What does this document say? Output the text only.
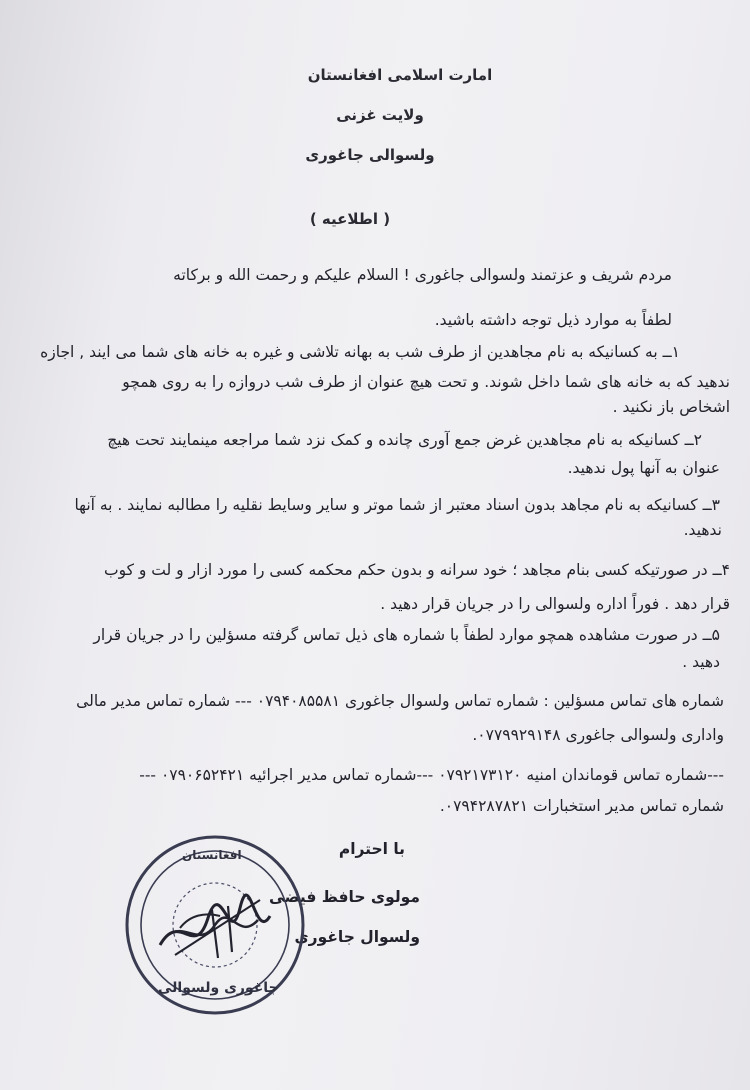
امارت اسلامی افغانستان
ولایت غزنی
ولسوالی جاغوری
( اطلاعیه )
مردم شریف و عزتمند ولسوالی جاغوری ! السلام علیکم و رحمت الله و برکاته
لطفاً به موارد ذیل توجه داشته باشید.
۱ــ به کسانیکه به نام مجاهدین از طرف شب به بهانه تلاشی و غیره به خانه های شما می ایند , اجازه
ندهید که به خانه های شما داخل شوند. و تحت هیچ عنوان از طرف شب دروازه را به روی همچو
اشخاص باز نکنید .
۲ــ کسانیکه به نام مجاهدین غرض جمع آوری چانده و کمک نزد شما مراجعه مینمایند تحت هیچ
عنوان به آنها پول ندهید.
۳ــ کسانیکه به نام مجاهد بدون اسناد معتبر از شما موتر و سایر وسایط نقلیه را مطالبه نمایند . به آنها
ندهید.
۴ــ در صورتیکه کسی بنام مجاهد ؛ خود سرانه و بدون حکم محکمه کسی را مورد ازار و لت و کوب
قرار دهد . فوراً اداره ولسوالی را در جریان قرار دهید .
۵ــ در صورت مشاهده همچو موارد لطفاً با شماره های ذیل تماس گرفته مسؤلین را در جریان قرار
دهید .
شماره های تماس مسؤلین : شماره تماس ولسوال جاغوری ۰۷۹۴۰۸۵۵۸۱ --- شماره تماس مدیر مالی
واداری ولسوالی جاغوری ۰۷۷۹۹۲۹۱۴۸.
---شماره تماس قوماندان امنیه ۰۷۹۲۱۷۳۱۲۰ ---شماره تماس مدیر اجرائیه ۰۷۹۰۶۵۲۴۲۱ ---
شماره تماس مدیر استخبارات ۰۷۹۴۲۸۷۸۲۱.
با احترام
مولوی حافظ فیضی
ولسوال جاغوری
افغانستان
جاغوری ولسوالی
